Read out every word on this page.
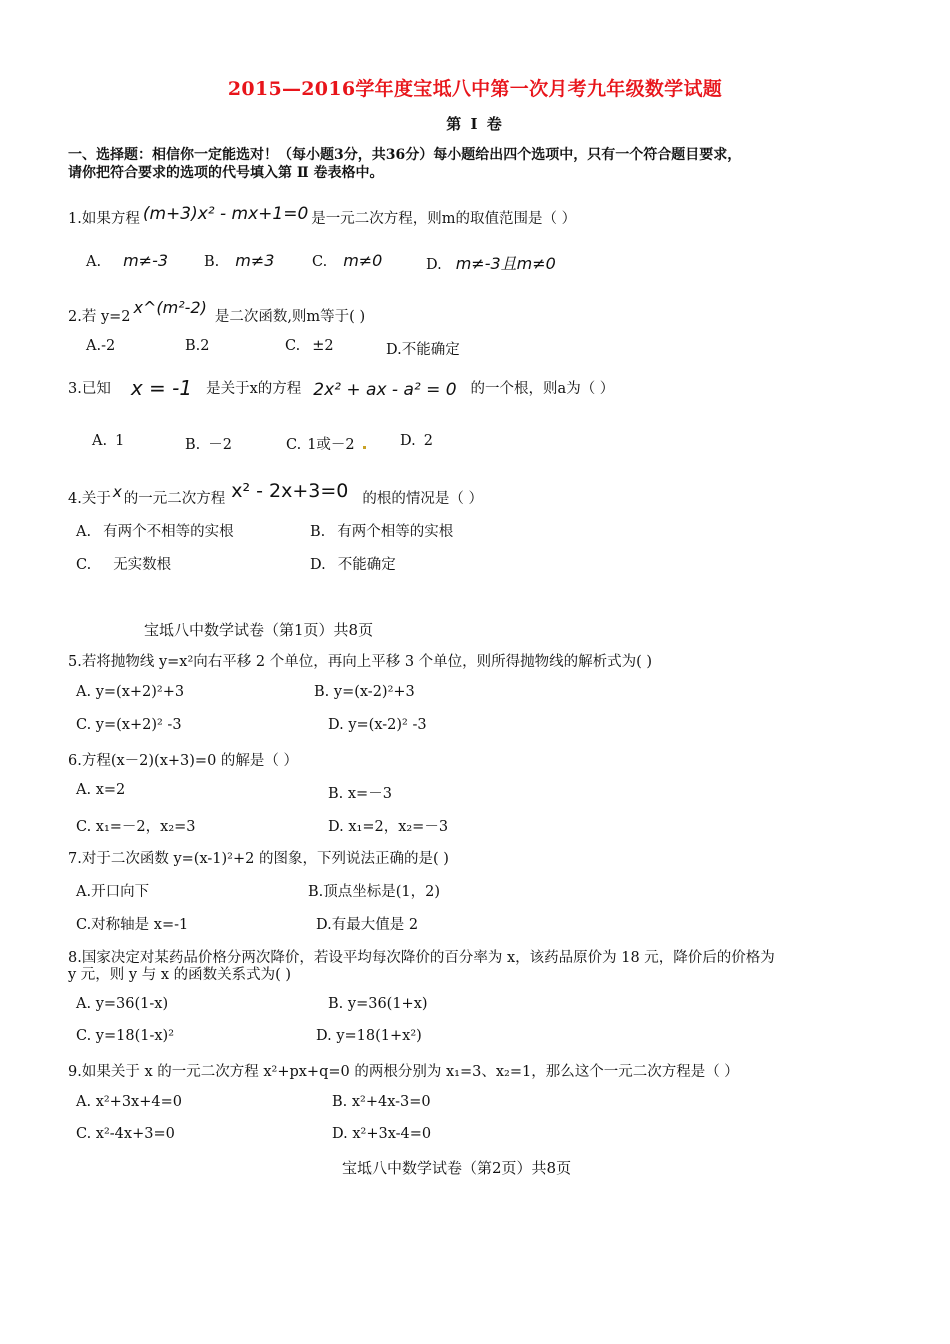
2015—2016学年度宝坻八中第一次月考九年级数学试题
第 Ⅰ 卷
一、选择题：相信你一定能选对！（每小题3分，共36分）每小题给出四个选项中，只有一个符合题目要求，
请你把符合要求的选项的代号填入第 Ⅱ 卷表格中。
1.如果方程 (m+3)x² - mx+1=0 是一元二次方程，则m的取值范围是（ ）
A. m≠-3 B. m≠3	C. m≠0	D. m≠-3且m≠0
2.若 y=2 x^(m²-2) 是二次函数,则m等于( )
A.-2	B.2	C. ±2	D.不能确定
3.已知 x = -1 是关于x的方程 2x² + ax - a² = 0 的一个根，则a为（ ）
A. 1	B. －2	C. 1或－2	D. 2
4.关于 x 的一元二次方程 x² - 2x+3=0 的根的情况是（ ）
A. 有两个不相等的实根	B. 有两个相等的实根
C. 无实数根	D. 不能确定
宝坻八中数学试卷（第1页）共8页
5.若将抛物线 y=x²向右平移 2 个单位，再向上平移 3 个单位，则所得抛物线的解析式为( )
A. y=(x+2)²+3	B. y=(x-2)²+3
C. y=(x+2)² -3	D. y=(x-2)² -3
6.方程(x－2)(x+3)=0 的解是（ ）
A. x=2	B. x=－3
C. x₁=－2，x₂=3	D. x₁=2，x₂=－3
7.对于二次函数 y=(x-1)²+2 的图象，下列说法正确的是( )
A.开口向下	B.顶点坐标是(1，2)
C.对称轴是 x=-1	D.有最大值是 2
8.国家决定对某药品价格分两次降价，若设平均每次降价的百分率为 x，该药品原价为 18 元，降价后的价格为
y 元，则 y 与 x 的函数关系式为( )
A. y=36(1-x)	B. y=36(1+x)
C. y=18(1-x)²	D. y=18(1+x²)
9.如果关于 x 的一元二次方程 x²+px+q=0 的两根分别为 x₁=3、x₂=1，那么这个一元二次方程是（ ）
A. x²+3x+4=0	B. x²+4x-3=0
C. x²-4x+3=0	D. x²+3x-4=0
宝坻八中数学试卷（第2页）共8页
